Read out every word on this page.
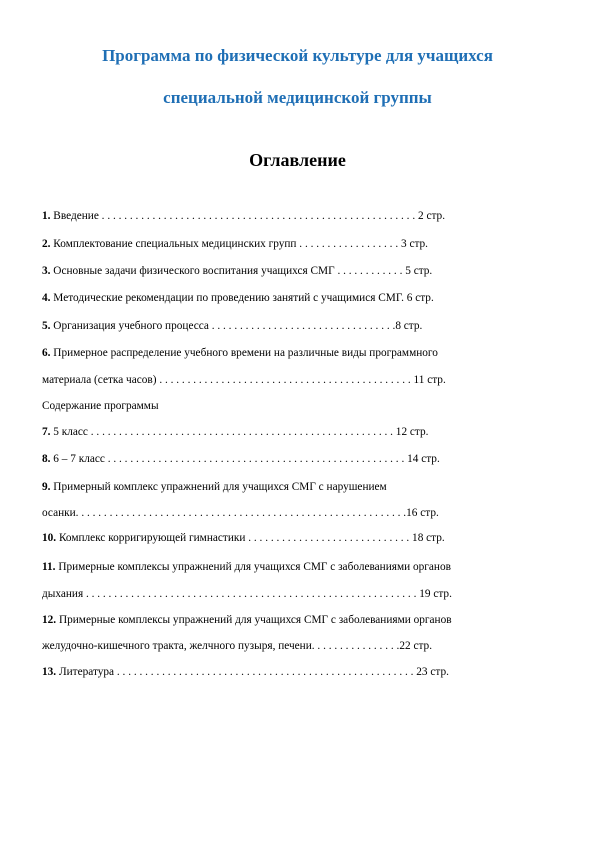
Программа по физической культуре для учащихся
специальной медицинской группы
Оглавление
1. Введение . . . . . . . . . . . . . . . . . . . . . . . . . . . . . . . . . . . . . . . . . . . . . . . . . . . . . . . . 2 стр.
2. Комплектование специальных медицинских групп . . . . . . . . . . . . . . . . . . 3 стр.
3. Основные задачи физического воспитания учащихся СМГ . . . . . . . . . . . . 5 стр.
4. Методические рекомендации по проведению занятий с учащимися СМГ. 6 стр.
5. Организация учебного процесса . . . . . . . . . . . . . . . . . . . . . . . . . . . . . . . . .8 стр.
6. Примерное распределение учебного времени на различные виды программного
материала (сетка часов) . . . . . . . . . . . . . . . . . . . . . . . . . . . . . . . . . . . . . . . . . . . . . 11 стр.
Содержание программы
7. 5 класс . . . . . . . . . . . . . . . . . . . . . . . . . . . . . . . . . . . . . . . . . . . . . . . . . . . . . . 12 стр.
8. 6 – 7 класс . . . . . . . . . . . . . . . . . . . . . . . . . . . . . . . . . . . . . . . . . . . . . . . . . . . . . 14 стр.
9. Примерный комплекс упражнений для учащихся СМГ с нарушением
осанки. . . . . . . . . . . . . . . . . . . . . . . . . . . . . . . . . . . . . . . . . . . . . . . . . . . . . . . . . . .16 стр.
10. Комплекс корригирующей гимнастики . . . . . . . . . . . . . . . . . . . . . . . . . . . . . 18 стр.
11. Примерные комплексы упражнений для учащихся СМГ с заболеваниями органов
дыхания . . . . . . . . . . . . . . . . . . . . . . . . . . . . . . . . . . . . . . . . . . . . . . . . . . . . . . . . . . . 19 стр.
12. Примерные комплексы упражнений для учащихся СМГ с заболеваниями органов
желудочно-кишечного тракта, желчного пузыря, печени. . . . . . . . . . . . . . . .22 стр.
13. Литература . . . . . . . . . . . . . . . . . . . . . . . . . . . . . . . . . . . . . . . . . . . . . . . . . . . . . 23 стр.
